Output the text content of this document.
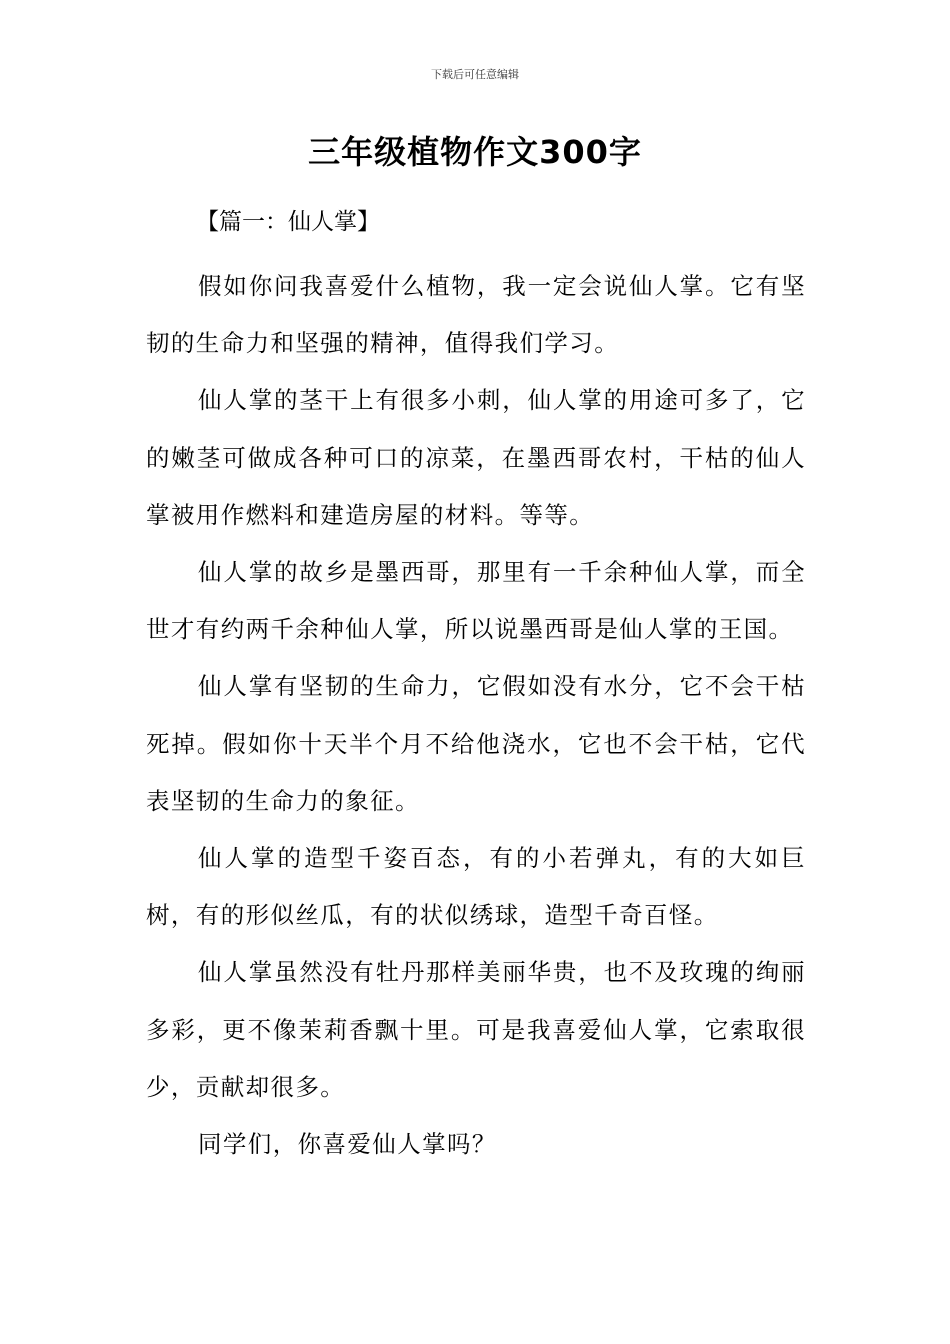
下载后可任意编辑
三年级植物作文300字
【篇一：仙人掌】

假如你问我喜爱什么植物，我一定会说仙人掌。它有坚韧的生命力和坚强的精神，值得我们学习。

仙人掌的茎干上有很多小刺，仙人掌的用途可多了，它的嫩茎可做成各种可口的凉菜，在墨西哥农村，干枯的仙人掌被用作燃料和建造房屋的材料。等等。

仙人掌的故乡是墨西哥，那里有一千余种仙人掌，而全世才有约两千余种仙人掌，所以说墨西哥是仙人掌的王国。

仙人掌有坚韧的生命力，它假如没有水分，它不会干枯死掉。假如你十天半个月不给他浇水，它也不会干枯，它代表坚韧的生命力的象征。

仙人掌的造型千姿百态，有的小若弹丸，有的大如巨树，有的形似丝瓜，有的状似绣球，造型千奇百怪。

仙人掌虽然没有牡丹那样美丽华贵，也不及玫瑰的绚丽多彩，更不像茉莉香飘十里。可是我喜爱仙人掌，它索取很少，贡献却很多。

同学们，你喜爱仙人掌吗？
